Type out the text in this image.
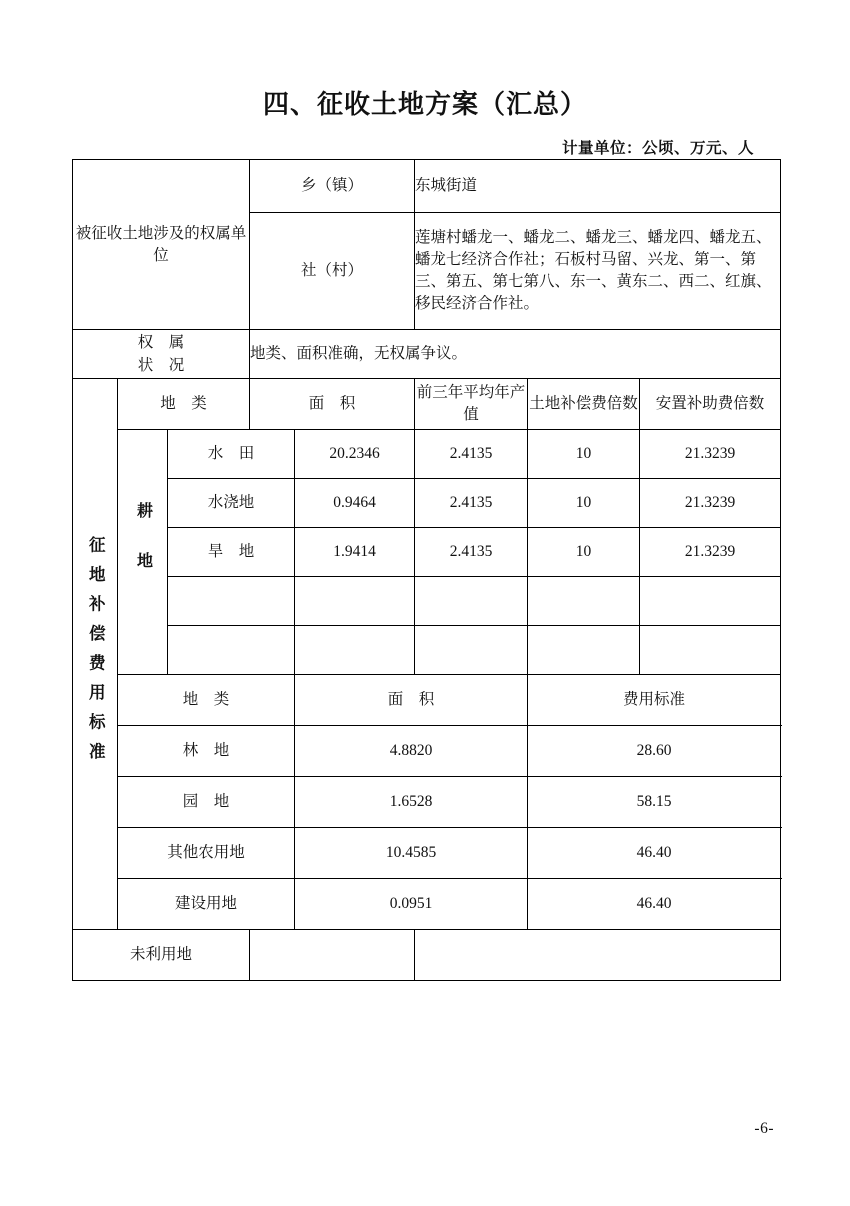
四、征收土地方案（汇总）
计量单位：公顷、万元、人
被征收土地涉及的权属单位			乡（镇）		东城街道		
			社（村）		莲塘村蟠龙一、蟠龙二、蟠龙三、蟠龙四、蟠龙五、蟠龙七经济合作社；石板村马留、兴龙、第一、第三、第五、第七第八、东一、黄东二、西二、红旗、移民经济合作社。		

权　属
状　况			地类、面积准确，无权属争议。				

征地补偿费用标准	地　类		面　积		前三年平均年产值	土地补偿费倍数	安置补助费倍数

	耕地	水　田		20.2346	2.4135	10	21.3239
		水浇地		0.9464	2.4135	10	21.3239
		旱　地		1.9414	2.4135	10	21.3239

	地　类			面　积		费用标准	
	林　地			4.8820		28.60	
	园　地			1.6528		58.15	
	其他农用地			10.4585		46.40	
	建设用地			0.0951		46.40	
未利用地							
-6-
